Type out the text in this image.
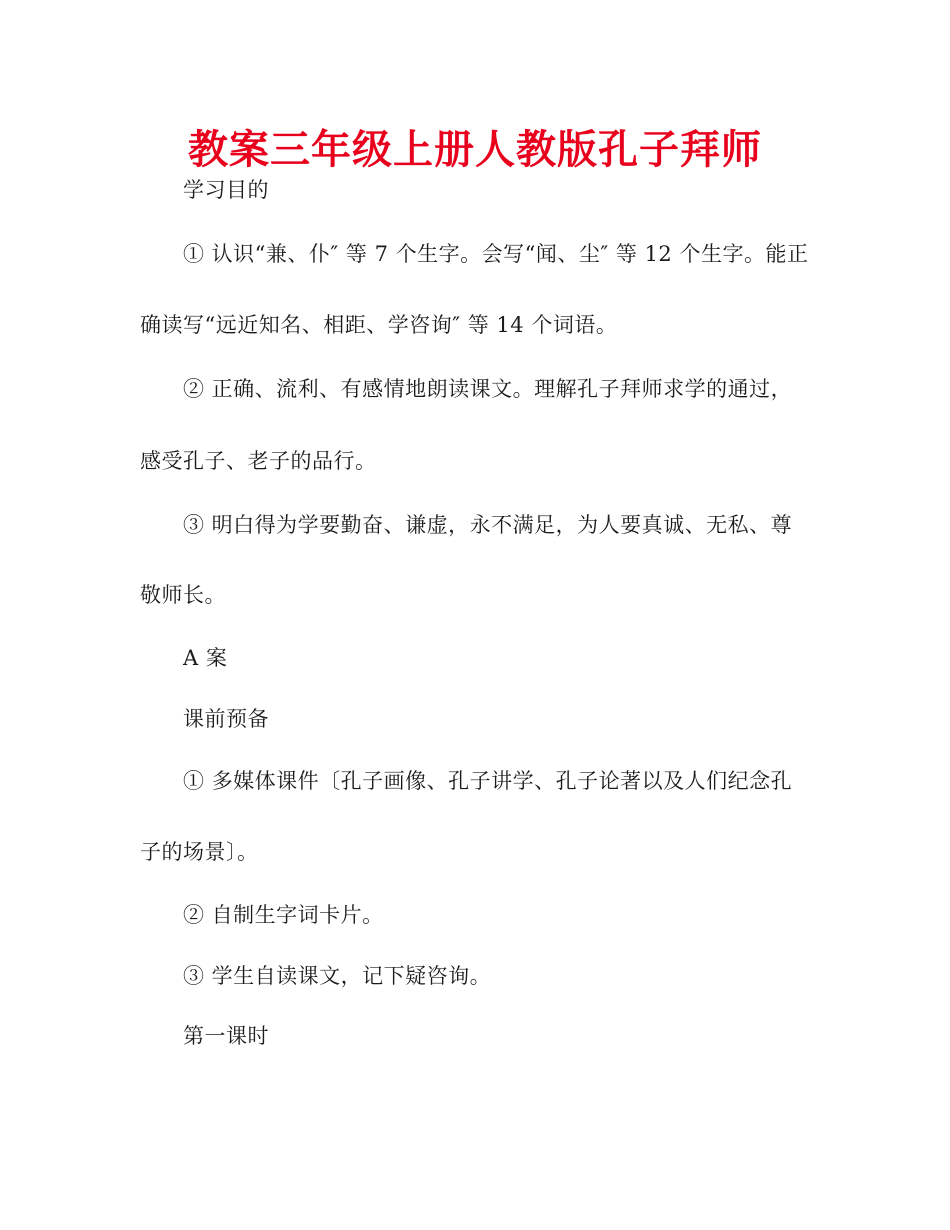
教案三年级上册人教版孔子拜师
学习目的
① 认识“兼、仆″ 等 7 个生字。会写“闻、尘″ 等 12 个生字。能正
确读写“远近知名、相距、学咨询″ 等 14 个词语。
② 正确、流利、有感情地朗读课文。理解孔子拜师求学的通过，
感受孔子、老子的品行。
③ 明白得为学要勤奋、谦虚，永不满足，为人要真诚、无私、尊
敬师长。
A 案
课前预备
① 多媒体课件〔孔子画像、孔子讲学、孔子论著以及人们纪念孔
子的场景〕。
② 自制生字词卡片。
③ 学生自读课文，记下疑咨询。
第一课时
